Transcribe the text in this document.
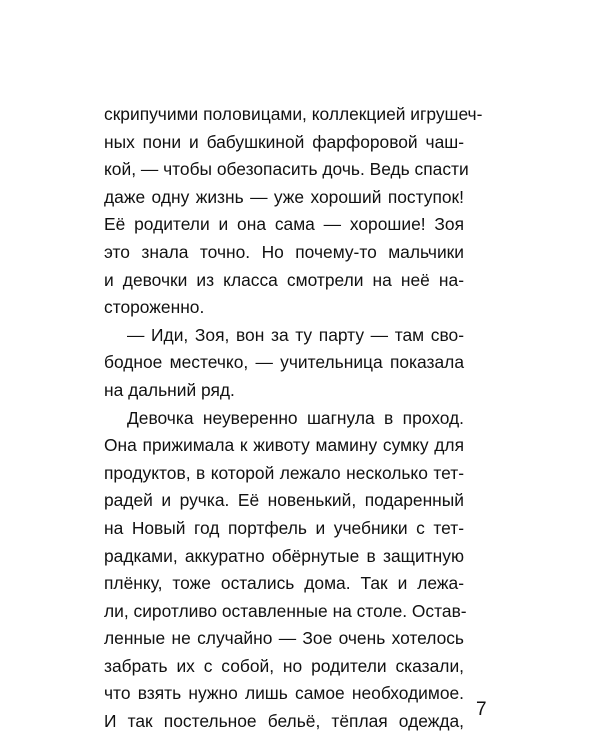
скрипучими половицами, коллекцией игрушеч-
ных пони и бабушкиной фарфоровой чаш-
кой, — чтобы обезопасить дочь. Ведь спасти
даже одну жизнь — уже хороший поступок!
Её родители и она сама — хорошие! Зоя
это знала точно. Но почему-то мальчики
и девочки из класса смотрели на неё на-
стороженно.
— Иди, Зоя, вон за ту парту — там сво-
бодное местечко, — учительница показала
на дальний ряд.
Девочка неуверенно шагнула в проход.
Она прижимала к животу мамину сумку для
продуктов, в которой лежало несколько тет-
радей и ручка. Её новенький, подаренный
на Новый год портфель и учебники с тет-
радками, аккуратно обёрнутые в защитную
плёнку, тоже остались дома. Так и лежа-
ли, сиротливо оставленные на столе. Остав-
ленные не случайно — Зое очень хотелось
забрать их с собой, но родители сказали,
что взять нужно лишь самое необходимое.
И так постельное бельё, тёплая одежда,
7
